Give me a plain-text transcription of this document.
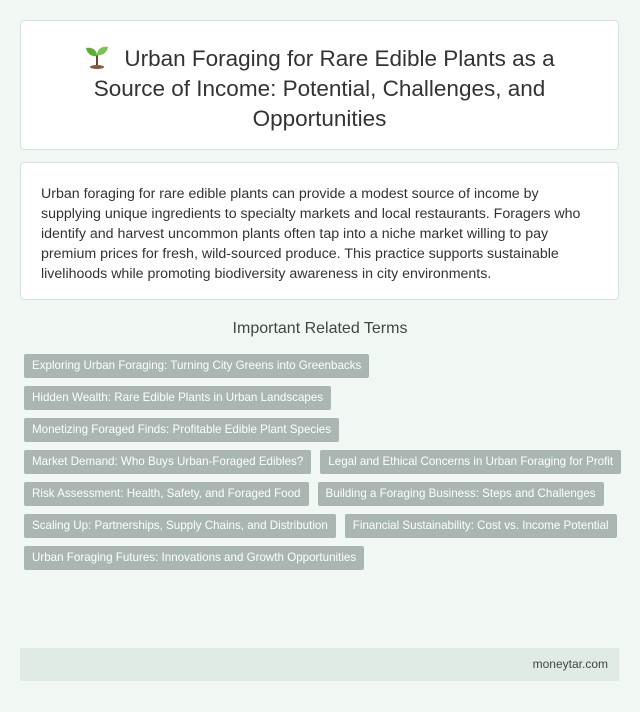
Urban Foraging for Rare Edible Plants as a Source of Income: Potential, Challenges, and Opportunities

Urban foraging for rare edible plants can provide a modest source of income by supplying unique ingredients to specialty markets and local restaurants. Foragers who identify and harvest uncommon plants often tap into a niche market willing to pay premium prices for fresh, wild-sourced produce. This practice supports sustainable livelihoods while promoting biodiversity awareness in city environments.

Important Related Terms
Exploring Urban Foraging: Turning City Greens into Greenbacks
Hidden Wealth: Rare Edible Plants in Urban Landscapes
Monetizing Foraged Finds: Profitable Edible Plant Species
Market Demand: Who Buys Urban-Foraged Edibles?	Legal and Ethical Concerns in Urban Foraging for Profit
Risk Assessment: Health, Safety, and Foraged Food	Building a Foraging Business: Steps and Challenges
Scaling Up: Partnerships, Supply Chains, and Distribution	Financial Sustainability: Cost vs. Income Potential
Urban Foraging Futures: Innovations and Growth Opportunities
moneytar.com
